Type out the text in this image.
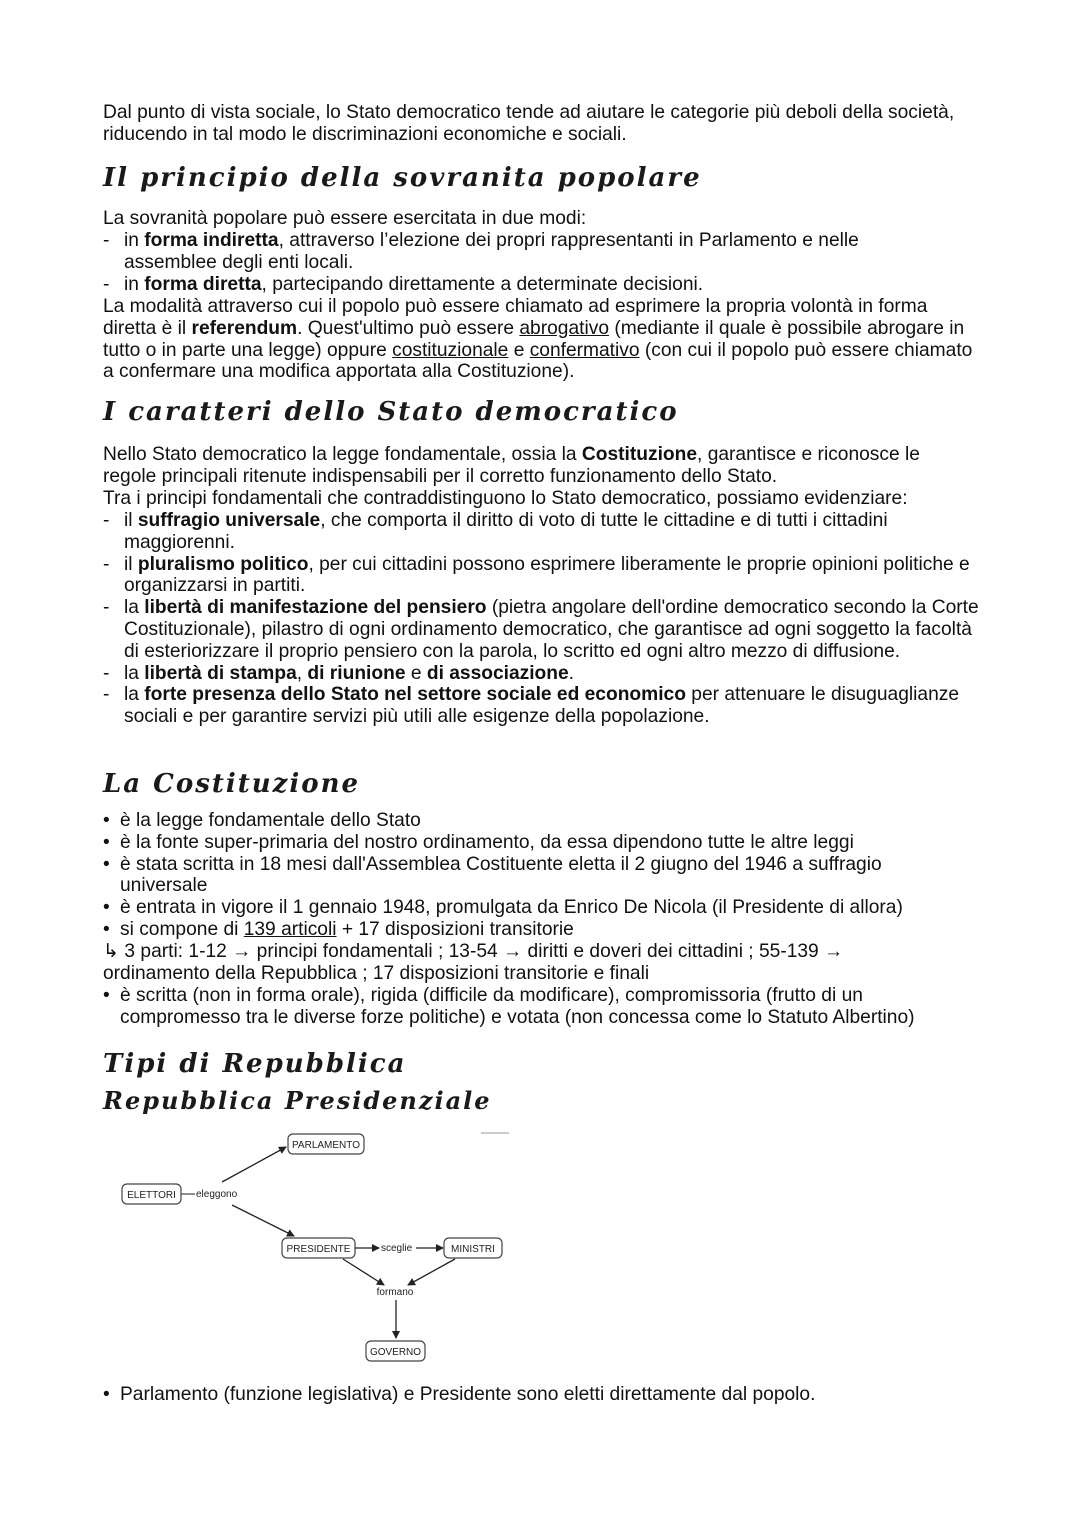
Dal punto di vista sociale, lo Stato democratico tende ad aiutare le categorie più deboli della società, riducendo in tal modo le discriminazioni economiche e sociali.

Il principio della sovranita popolare

La sovranità popolare può essere esercitata in due modi:

- in forma indiretta, attraverso l’elezione dei propri rappresentanti in Parlamento e nelle assemblee degli enti locali.
- in forma diretta, partecipando direttamente a determinate decisioni.

La modalità attraverso cui il popolo può essere chiamato ad esprimere la propria volontà in forma diretta è il referendum. Quest'ultimo può essere abrogativo (mediante il quale è possibile abrogare in tutto o in parte una legge) oppure costituzionale e confermativo (con cui il popolo può essere chiamato a confermare una modifica apportata alla Costituzione).

I caratteri dello Stato democratico

Nello Stato democratico la legge fondamentale, ossia la Costituzione, garantisce e riconosce le regole principali ritenute indispensabili per il corretto funzionamento dello Stato.

Tra i principi fondamentali che contraddistinguono lo Stato democratico, possiamo evidenziare:

- il suffragio universale, che comporta il diritto di voto di tutte le cittadine e di tutti i cittadini maggiorenni.
- il pluralismo politico, per cui cittadini possono esprimere liberamente le proprie opinioni politiche e organizzarsi in partiti.
- la libertà di manifestazione del pensiero (pietra angolare dell'ordine democratico secondo la Corte Costituzionale), pilastro di ogni ordinamento democratico, che garantisce ad ogni soggetto la facoltà di esteriorizzare il proprio pensiero con la parola, lo scritto ed ogni altro mezzo di diffusione.
- la libertà di stampa, di riunione e di associazione.
- la forte presenza dello Stato nel settore sociale ed economico per attenuare le disuguaglianze sociali e per garantire servizi più utili alle esigenze della popolazione.
La Costituzione
• è la legge fondamentale dello Stato
• è la fonte super-primaria del nostro ordinamento, da essa dipendono tutte le altre leggi
• è stata scritta in 18 mesi dall'Assemblea Costituente eletta il 2 giugno del 1946 a suffragio universale
• è entrata in vigore il 1 gennaio 1948, promulgata da Enrico De Nicola (il Presidente di allora)
• si compone di 139 articoli + 17 disposizioni transitorie

↳ 3 parti: 1-12 → principi fondamentali ; 13-54 → diritti e doveri dei cittadini ; 55-139 → ordinamento della Repubblica ; 17 disposizioni transitorie e finali

• è scritta (non in forma orale), rigida (difficile da modificare), compromissoria (frutto di un compromesso tra le diverse forze politiche) e votata (non concessa come lo Statuto Albertino)
Tipi di Repubblica
Repubblica Presidenziale
PARLAMENTO
ELETTORI eleggono
PRESIDENTE	sceglie	MINISTRI
formano
GOVERNO
• Parlamento (funzione legislativa) e Presidente sono eletti direttamente dal popolo.
